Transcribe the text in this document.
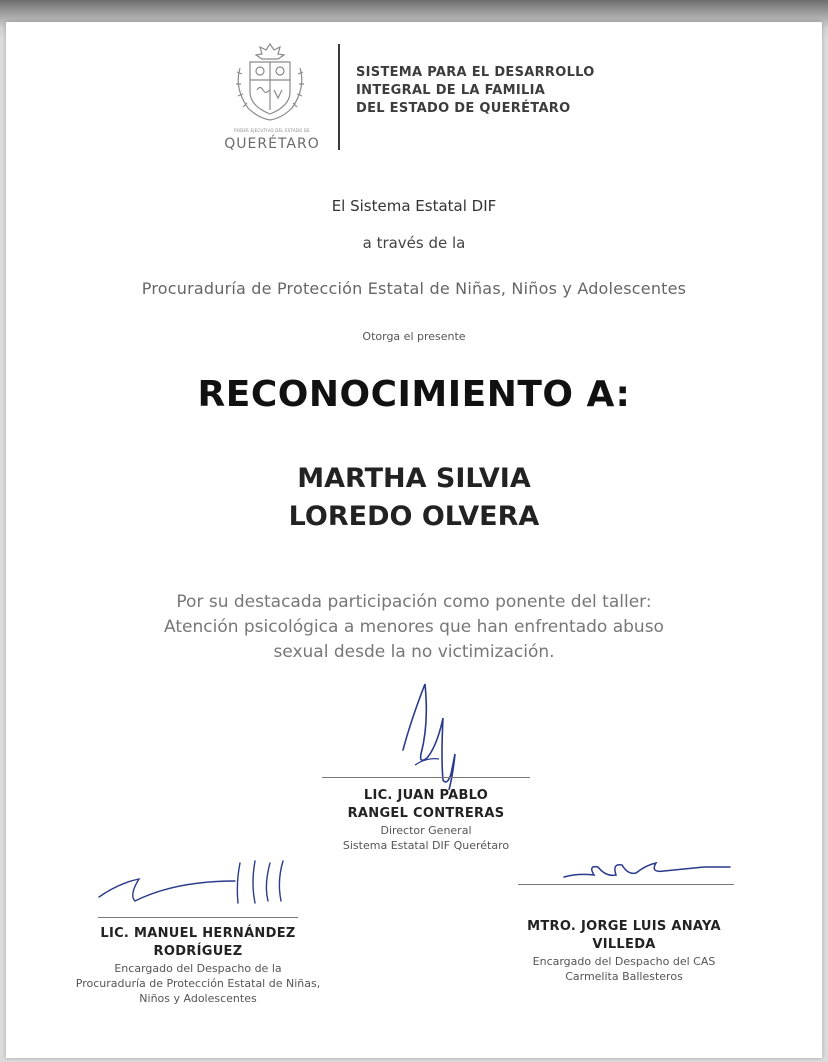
PODER EJECUTIVO DEL ESTADO DE
QUERÉTARO
SISTEMA PARA EL DESARROLLO
INTEGRAL DE LA FAMILIA
DEL ESTADO DE QUERÉTARO
El Sistema Estatal DIF
a través de la
Procuraduría de Protección Estatal de Niñas, Niños y Adolescentes
Otorga el presente
RECONOCIMIENTO A:
MARTHA SILVIA
LOREDO OLVERA
Por su destacada participación como ponente del taller:
Atención psicológica a menores que han enfrentado abuso
sexual desde la no victimización.
LIC. JUAN PABLO
RANGEL CONTRERAS
Director General
Sistema Estatal DIF Querétaro
LIC. MANUEL HERNÁNDEZ
RODRÍGUEZ
Encargado del Despacho de la
Procuraduría de Protección Estatal de Niñas,
Niños y Adolescentes
MTRO. JORGE LUIS ANAYA
VILLEDA
Encargado del Despacho del CAS
Carmelita Ballesteros
